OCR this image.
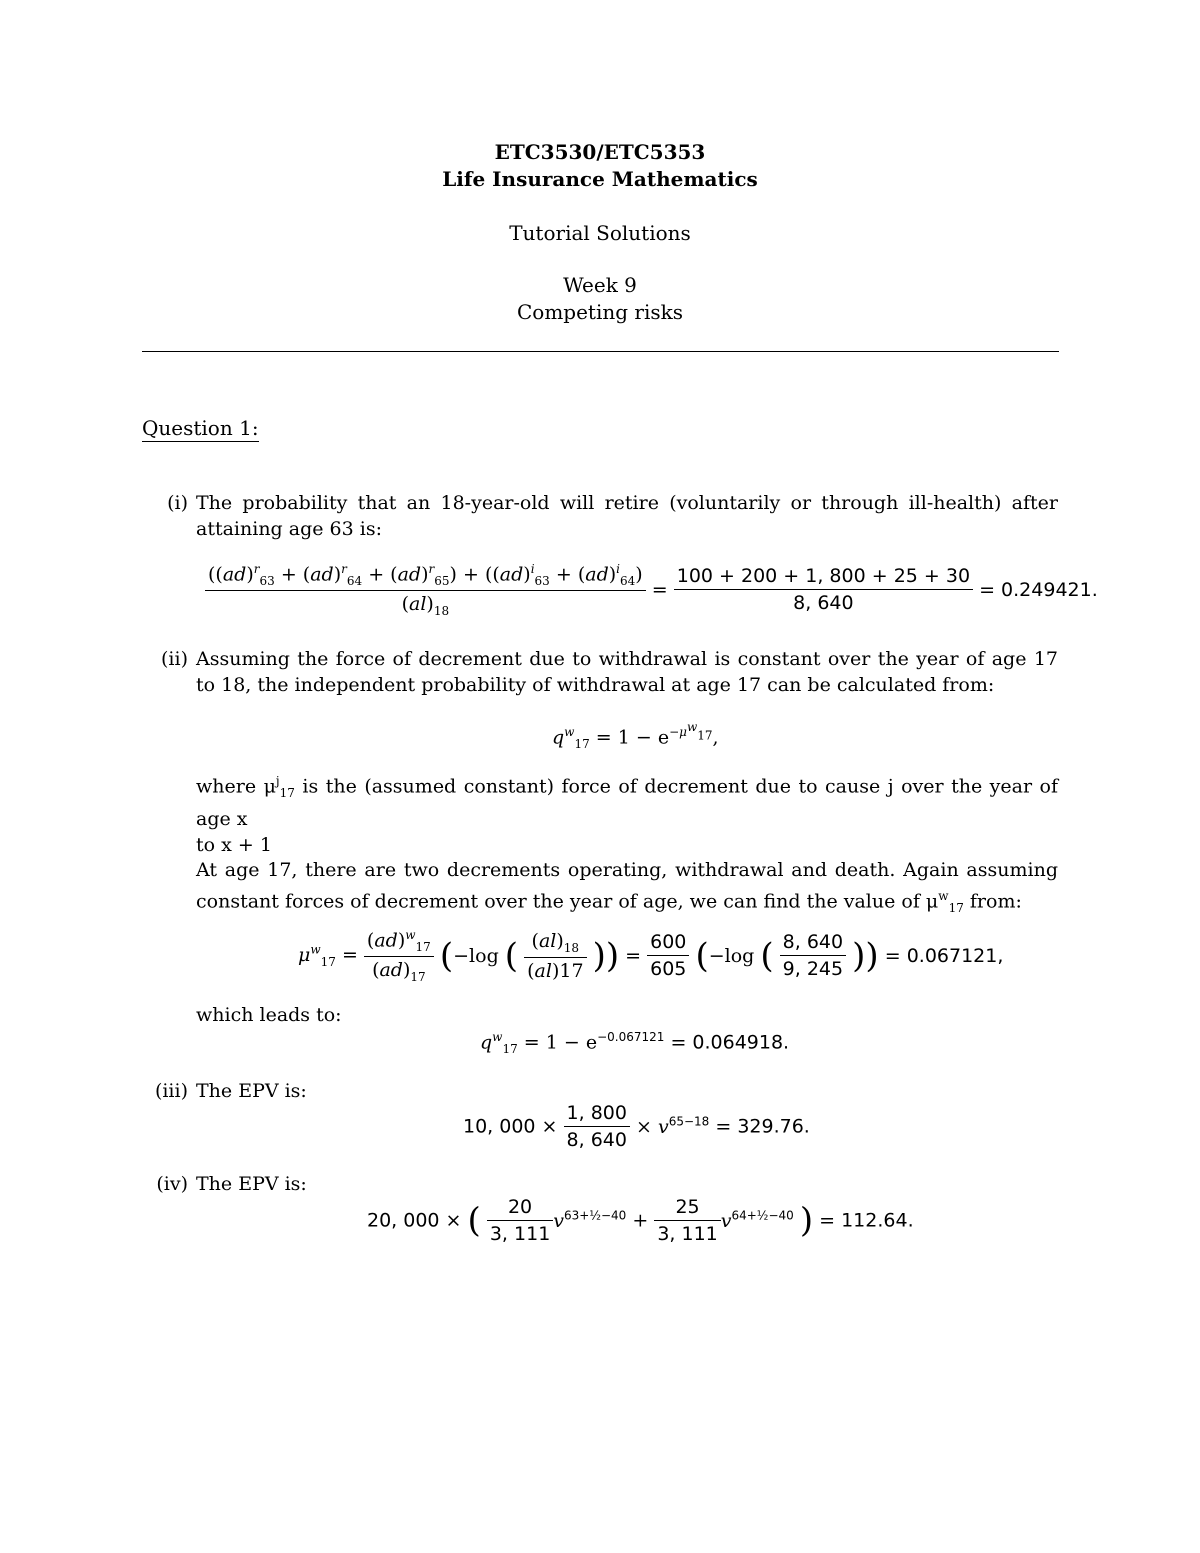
ETC3530/ETC5353
Life Insurance Mathematics
Tutorial Solutions
Week 9
Competing risks
Question 1:
(i) The probability that an 18-year-old will retire (voluntarily or through ill-health) after attaining age 63 is:
$\frac{((ad)^r_{63} + (ad)^r_{64} + (ad)^r_{65}) + ((ad)^i_{63} + (ad)^i_{64})}{(al)_{18}} = \frac{100 + 200 + 1, 800 + 25 + 30}{8, 640} = 0.249421$.
(ii) Assuming the force of decrement due to withdrawal is constant over the year of age 17 to 18, the independent probability of withdrawal at age 17 can be calculated from:
$q^w_{17} = 1 - e^{-\mu^w_{17}}$,
where $\mu^j_{17}$ is the (assumed constant) force of decrement due to cause j over the year of age x
to x + 1
At age 17, there are two decrements operating, withdrawal and death. Again assuming constant forces of decrement over the year of age, we can find the value of $\mu^w_{17}$ from:
$\mu^w_{17} = \frac{(ad)^w_{17}}{(ad)_{17}} (-\log$ ( $\frac{(al)_{18}}{(al)17}$ )) = $\frac{600}{605} (-\log$ ( $\frac{8, 640}{9, 245}$ )) = 0.067121,
which leads to:
$q^w_{17} = 1 - e^{-0.067121} = 0.064918$.
(iii) The EPV is:
10, $000 \times \frac{1, 800}{8, 640} \times v^{65-18} = 329.76$.
(iv) The EPV is:
20, 000 × ( $\frac{20}{3, 111} v^{63+\frac{1}{2}-40} + \frac{25}{3, 111} v^{64+\frac{1}{2}-40}$ ) = 112.64.
